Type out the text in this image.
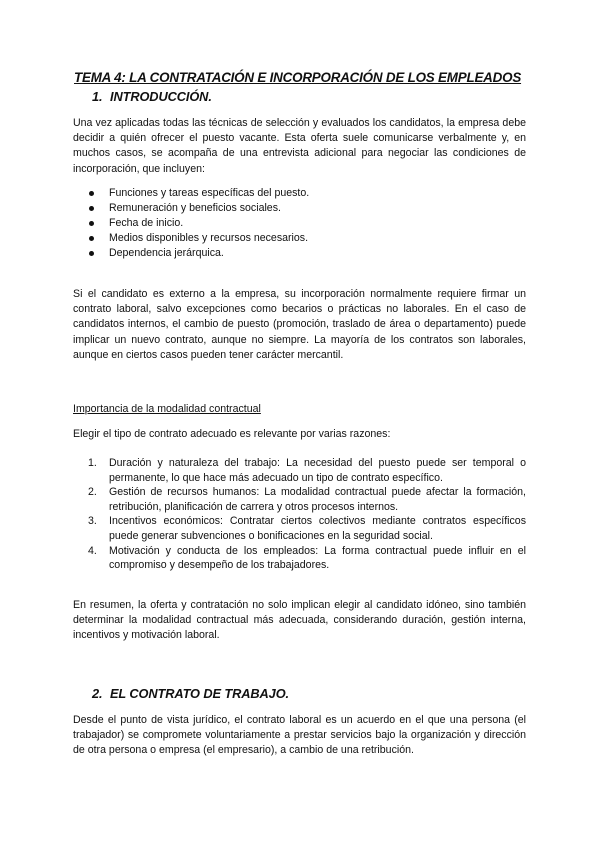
TEMA 4: LA CONTRATACIÓN E INCORPORACIÓN DE LOS EMPLEADOS
1. INTRODUCCIÓN.

Una vez aplicadas todas las técnicas de selección y evaluados los candidatos, la empresa debe decidir a quién ofrecer el puesto vacante. Esta oferta suele comunicarse verbalmente y, en muchos casos, se acompaña de una entrevista adicional para negociar las condiciones de incorporación, que incluyen:

Funciones y tareas específicas del puesto.
Remuneración y beneficios sociales.
Fecha de inicio.
Medios disponibles y recursos necesarios.
Dependencia jerárquica.

Si el candidato es externo a la empresa, su incorporación normalmente requiere firmar un contrato laboral, salvo excepciones como becarios o prácticas no laborales. En el caso de candidatos internos, el cambio de puesto (promoción, traslado de área o departamento) puede implicar un nuevo contrato, aunque no siempre. La mayoría de los contratos son laborales, aunque en ciertos casos pueden tener carácter mercantil.

Importancia de la modalidad contractual

Elegir el tipo de contrato adecuado es relevante por varias razones:

1. Duración y naturaleza del trabajo: La necesidad del puesto puede ser temporal o permanente, lo que hace más adecuado un tipo de contrato específico.
2. Gestión de recursos humanos: La modalidad contractual puede afectar la formación, retribución, planificación de carrera y otros procesos internos.
3. Incentivos económicos: Contratar ciertos colectivos mediante contratos específicos puede generar subvenciones o bonificaciones en la seguridad social.
4. Motivación y conducta de los empleados: La forma contractual puede influir en el compromiso y desempeño de los trabajadores.

En resumen, la oferta y contratación no solo implican elegir al candidato idóneo, sino también determinar la modalidad contractual más adecuada, considerando duración, gestión interna, incentivos y motivación laboral.

2. EL CONTRATO DE TRABAJO.

Desde el punto de vista jurídico, el contrato laboral es un acuerdo en el que una persona (el trabajador) se compromete voluntariamente a prestar servicios bajo la organización y dirección de otra persona o empresa (el empresario), a cambio de una retribución.
